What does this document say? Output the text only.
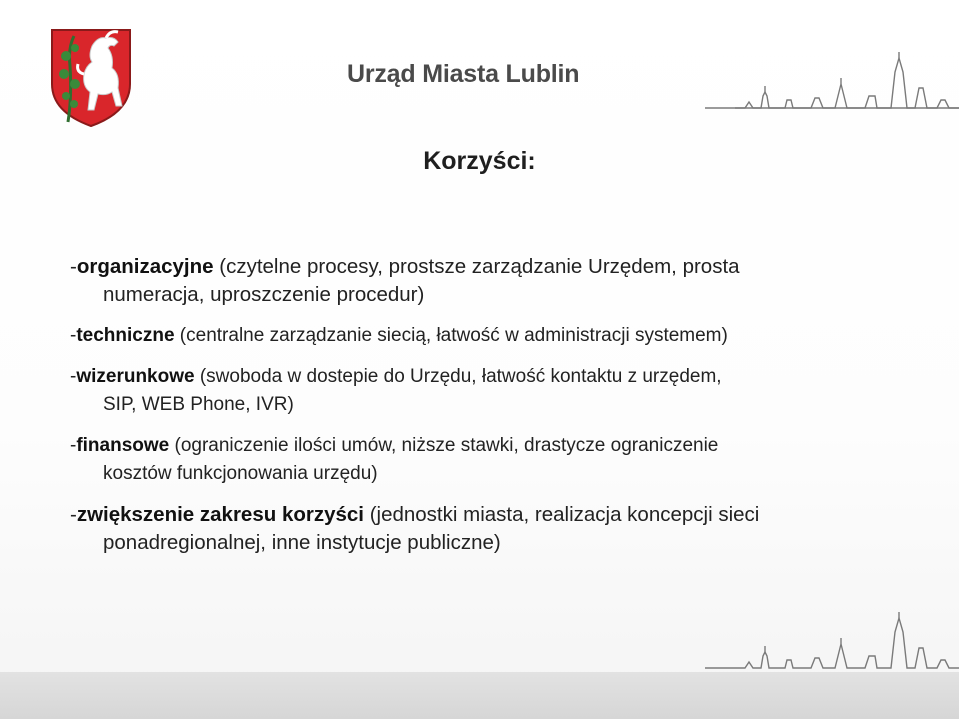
Urząd Miasta Lublin
Korzyści:
-organizacyjne (czytelne procesy, prostsze zarządzanie Urzędem, prosta
numeracja, uproszczenie procedur)
-techniczne (centralne zarządzanie siecią, łatwość w administracji systemem)
-wizerunkowe (swoboda w dostepie do Urzędu, łatwość kontaktu z urzędem,
SIP, WEB Phone, IVR)
-finansowe (ograniczenie ilości umów, niższe stawki, drastycze ograniczenie
kosztów funkcjonowania urzędu)
-zwiększenie zakresu korzyści (jednostki miasta, realizacja koncepcji sieci
ponadregionalnej, inne instytucje publiczne)
